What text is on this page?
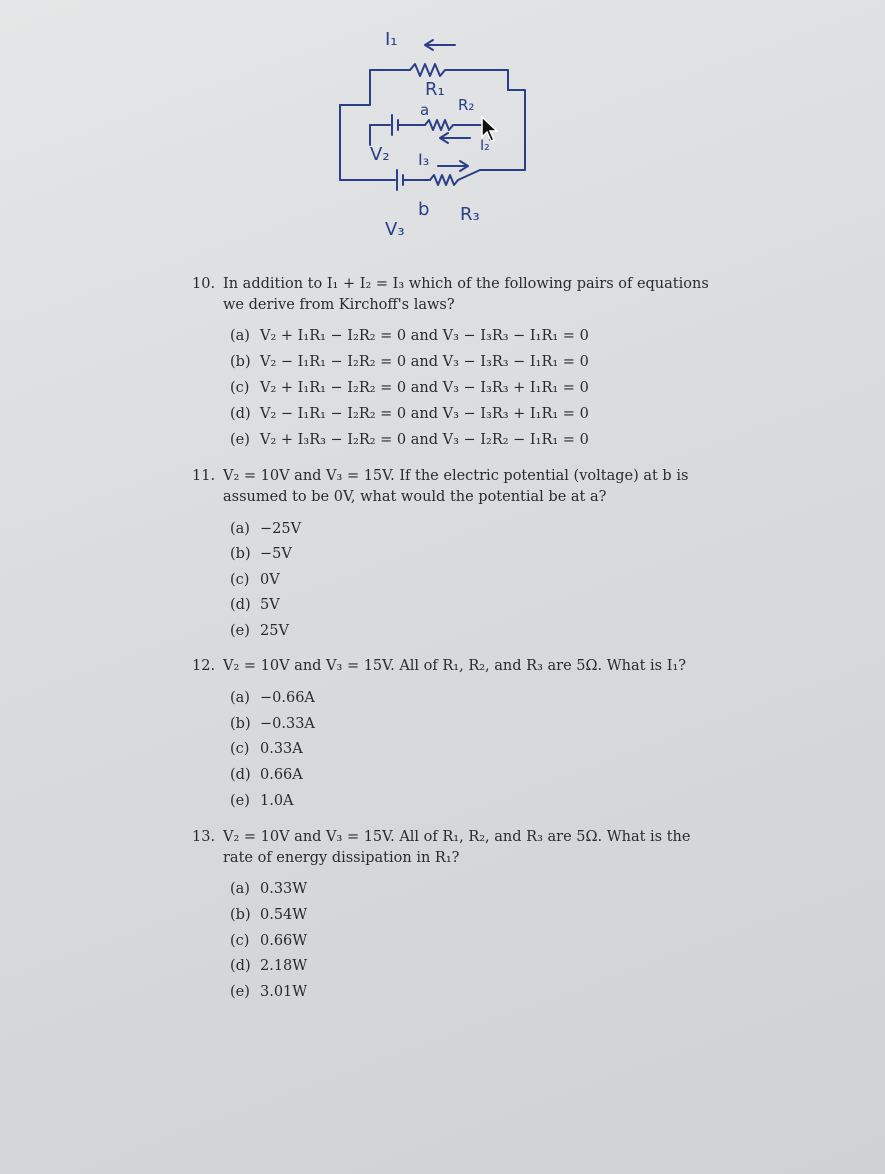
I₁
R₁
a R₂
V₂	I₂
I₃
b R₃
V₃
10. In addition to I₁ + I₂ = I₃ which of the following pairs of equations
we derive from Kirchoff's laws?
(a) V₂ + I₁R₁ − I₂R₂ = 0 and V₃ − I₃R₃ − I₁R₁ = 0
(b) V₂ − I₁R₁ − I₂R₂ = 0 and V₃ − I₃R₃ − I₁R₁ = 0
(c) V₂ + I₁R₁ − I₂R₂ = 0 and V₃ − I₃R₃ + I₁R₁ = 0
(d) V₂ − I₁R₁ − I₂R₂ = 0 and V₃ − I₃R₃ + I₁R₁ = 0
(e) V₂ + I₃R₃ − I₂R₂ = 0 and V₃ − I₂R₂ − I₁R₁ = 0
11. V₂ = 10V and V₃ = 15V. If the electric potential (voltage) at b is
assumed to be 0V, what would the potential be at a?
(a) −25V
(b) −5V
(c) 0V
(d) 5V
(e) 25V
12. V₂ = 10V and V₃ = 15V. All of R₁, R₂, and R₃ are 5Ω. What is I₁?
(a) −0.66A
(b) −0.33A
(c) 0.33A
(d) 0.66A
(e) 1.0A
13. V₂ = 10V and V₃ = 15V. All of R₁, R₂, and R₃ are 5Ω. What is the
rate of energy dissipation in R₁?
(a) 0.33W
(b) 0.54W
(c) 0.66W
(d) 2.18W
(e) 3.01W
